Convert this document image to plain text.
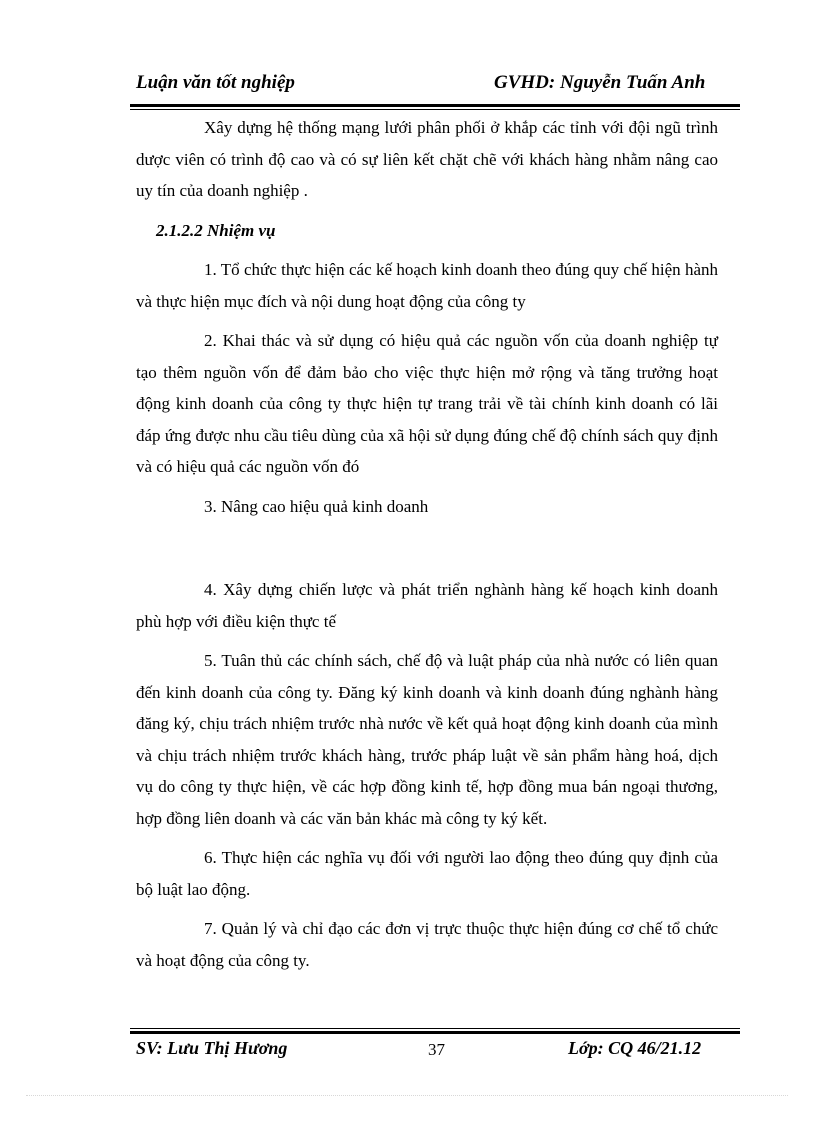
Luận văn tốt nghiệp	GVHD: Nguyễn Tuấn Anh

Xây dựng hệ thống mạng lưới phân phối ở khắp các tỉnh với đội ngũ trình dược viên có trình độ cao và có sự liên kết chặt chẽ với khách hàng nhằm nâng cao uy tín của doanh nghiệp .

2.1.2.2 Nhiệm vụ

1. Tổ chức thực hiện các kế hoạch kinh doanh theo đúng quy chế hiện hành và thực hiện mục đích và nội dung hoạt động của công ty

2. Khai thác và sử dụng có hiệu quả các nguồn vốn của doanh nghiệp tự tạo thêm nguồn vốn để đảm bảo cho việc thực hiện mở rộng và tăng trưởng hoạt động kinh doanh của công ty thực hiện tự trang trải về tài chính kinh doanh có lãi đáp ứng được nhu cầu tiêu dùng của xã hội sử dụng đúng chế độ chính sách quy định và có hiệu quả các nguồn vốn đó

3. Nâng cao hiệu quả kinh doanh

4. Xây dựng chiến lược và phát triển nghành hàng kế hoạch kinh doanh phù hợp với điều kiện thực tế

5. Tuân thủ các chính sách, chế độ và luật pháp của nhà nước có liên quan đến kinh doanh của công ty. Đăng ký kinh doanh và kinh doanh đúng nghành hàng đăng ký, chịu trách nhiệm trước nhà nước về kết quả hoạt động kinh doanh của mình và chịu trách nhiệm trước khách hàng, trước pháp luật về sản phẩm hàng hoá, dịch vụ do công ty thực hiện, về các hợp đồng kinh tế, hợp đồng mua bán ngoại thương, hợp đồng liên doanh và các văn bản khác mà công ty ký kết.

6. Thực hiện các nghĩa vụ đối với người lao động theo đúng quy định của bộ luật lao động.

7. Quản lý và chỉ đạo các đơn vị trực thuộc thực hiện đúng cơ chế tổ chức và hoạt động của công ty.

SV: Lưu Thị Hương	37	Lớp: CQ 46/21.12
